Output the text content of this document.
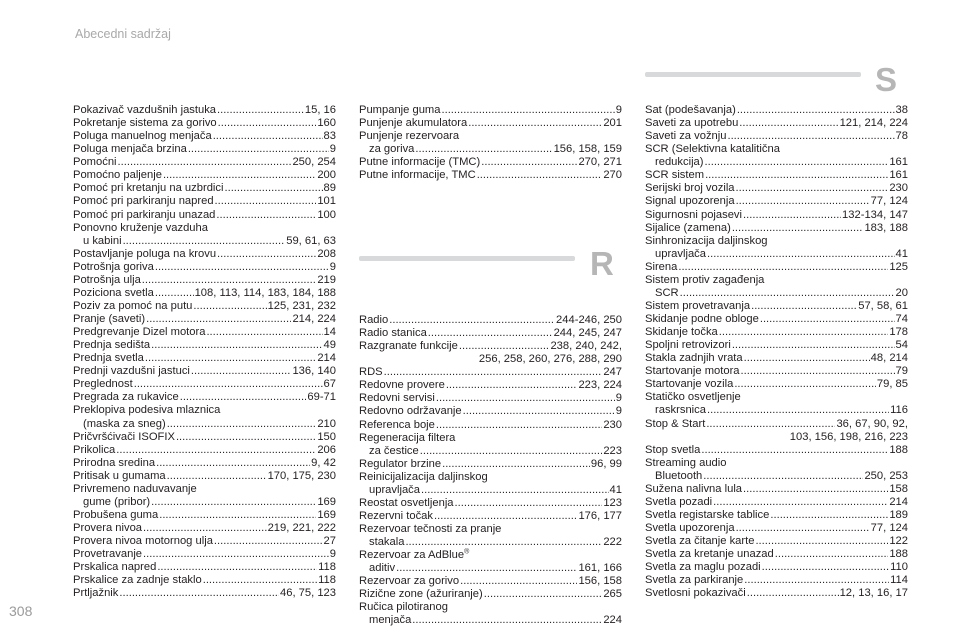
Abecedni sadržaj
S
R
Pokazivač vazdušnih jastuka .....	15, 16
Pokretanje sistema za gorivo .....	160
Poluga manuelnog menjača .....	83
Poluga menjača brzina .....	9
Pomoćni .....	250, 254
Pomoćno paljenje .....	200
Pomoć pri kretanju na uzbrdici .....	89
Pomoć pri parkiranju napred .....	101
Pomoć pri parkiranju unazad .....	100
Ponovno kruženje vazduha
u kabini .....	59, 61, 63
Postavljanje poluga na krovu .....	208
Potrošnja goriva .....	9
Potrošnja ulja .....	219
Poziciona svetla .....	108, 113, 114, 183, 184, 188
Poziv za pomoć na putu .....	125, 231, 232
Pranje (saveti) .....	214, 224
Predgrevanje Dizel motora .....	14
Prednja sedišta .....	49
Prednja svetla .....	214
Prednji vazdušni jastuci .....	136, 140
Preglednost .....	67
Pregrada za rukavice .....	69-71
Preklopiva podesiva mlaznica
(maska za sneg) .....	210
Pričvršćivači ISOFIX .....	150
Prikolica .....	206
Prirodna sredina .....	9, 42
Pritisak u gumama .....	170, 175, 230
Privremeno naduvavanje
gume (pribor) .....	169
Probušena guma .....	169
Provera nivoa .....	219, 221, 222
Provera nivoa motornog ulja .....	27
Provetravanje .....	9
Prskalica napred .....	118
Prskalice za zadnje staklo .....	118
Prtljažnik .....	46, 75, 123
Pumpanje guma .....	9
Punjenje akumulatora .....	201
Punjenje rezervoara
za goriva .....	156, 158, 159
Putne informacije (TMC) .....	270, 271
Putne informacije, TMC .....	270
Radio .....	244-246, 250
Radio stanica .....	244, 245, 247
Razgranate funkcije .....	238, 240, 242,
256, 258, 260, 276, 288, 290
RDS .....	247
Redovne provere .....	223, 224
Redovni servisi .....	9
Redovno održavanje .....	9
Referenca boje .....	230
Regeneracija filtera
za čestice .....	223
Regulator brzine .....	96, 99
Reinicijalizacija daljinskog
upravljača .....	41
Reostat osvetljenja .....	123
Rezervni točak .....	176, 177
Rezervoar tečnosti za pranje
stakala .....	222
Rezervoar za AdBlue®
aditiv .....	161, 166
Rezervoar za gorivo .....	156, 158
Rizične zone (ažuriranje) .....	265
Ručica pilotiranog
menjača .....	224
Sat (podešavanja) .....	38
Saveti za upotrebu .....	121, 214, 224
Saveti za vožnju .....	78
SCR (Selektivna katalitična
redukcija) .....	161
SCR sistem .....	161
Serijski broj vozila .....	230
Signal upozorenja .....	77, 124
Sigurnosni pojasevi .....	132-134, 147
Sijalice (zamena) .....	183, 188
Sinhronizacija daljinskog
upravljača .....	41
Sirena .....	125
Sistem protiv zagađenja
SCR .....	20
Sistem provetravanja .....	57, 58, 61
Skidanje podne obloge .....	74
Skidanje točka .....	178
Spoljni retrovizori .....	54
Stakla zadnjih vrata .....	48, 214
Startovanje motora .....	79
Startovanje vozila .....	79, 85
Statičko osvetljenje
raskrsnica .....	116
Stop & Start .....	36, 67, 90, 92,
103, 156, 198, 216, 223
Stop svetla .....	188
Streaming audio
Bluetooth .....	250, 253
Sužena nalivna lula .....	158
Svetla pozadi .....	214
Svetla registarske tablice .....	189
Svetla upozorenja .....	77, 124
Svetla za čitanje karte .....	122
Svetla za kretanje unazad .....	188
Svetla za maglu pozadi .....	110
Svetla za parkiranje .....	114
Svetlosni pokazivači .....	12, 13, 16, 17
308
